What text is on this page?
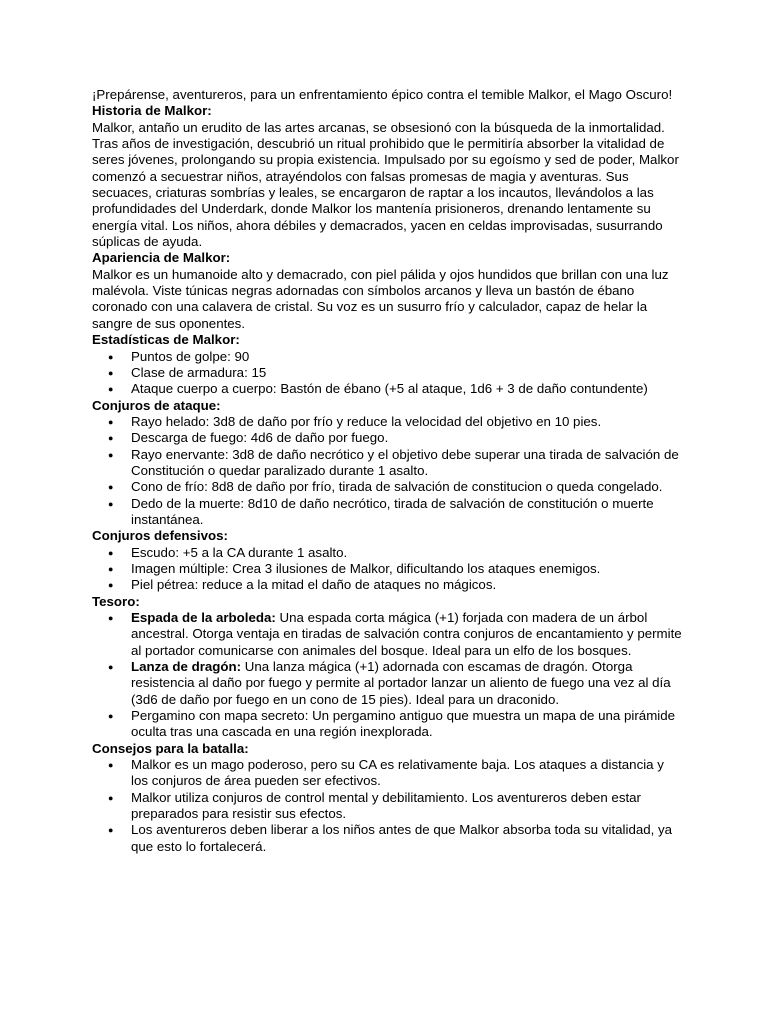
¡Prepárense, aventureros, para un enfrentamiento épico contra el temible Malkor, el Mago Oscuro!

Historia de Malkor:

Malkor, antaño un erudito de las artes arcanas, se obsesionó con la búsqueda de la inmortalidad. Tras años de investigación, descubrió un ritual prohibido que le permitiría absorber la vitalidad de seres jóvenes, prolongando su propia existencia. Impulsado por su egoísmo y sed de poder, Malkor comenzó a secuestrar niños, atrayéndolos con falsas promesas de magia y aventuras. Sus secuaces, criaturas sombrías y leales, se encargaron de raptar a los incautos, llevándolos a las profundidades del Underdark, donde Malkor los mantenía prisioneros, drenando lentamente su energía vital. Los niños, ahora débiles y demacrados, yacen en celdas improvisadas, susurrando súplicas de ayuda.

Apariencia de Malkor:

Malkor es un humanoide alto y demacrado, con piel pálida y ojos hundidos que brillan con una luz malévola. Viste túnicas negras adornadas con símbolos arcanos y lleva un bastón de ébano coronado con una calavera de cristal. Su voz es un susurro frío y calculador, capaz de helar la sangre de sus oponentes.

Estadísticas de Malkor:

● Puntos de golpe: 90
● Clase de armadura: 15
● Ataque cuerpo a cuerpo: Bastón de ébano (+5 al ataque, 1d6 + 3 de daño contundente)

Conjuros de ataque:

● Rayo helado: 3d8 de daño por frío y reduce la velocidad del objetivo en 10 pies.
● Descarga de fuego: 4d6 de daño por fuego.
● Rayo enervante: 3d8 de daño necrótico y el objetivo debe superar una tirada de salvación de Constitución o quedar paralizado durante 1 asalto.
● Cono de frío: 8d8 de daño por frío, tirada de salvación de constitucion o queda congelado.
● Dedo de la muerte: 8d10 de daño necrótico, tirada de salvación de constitución o muerte instantánea.

Conjuros defensivos:

● Escudo: +5 a la CA durante 1 asalto.
● Imagen múltiple: Crea 3 ilusiones de Malkor, dificultando los ataques enemigos.
● Piel pétrea: reduce a la mitad el daño de ataques no mágicos.

Tesoro:

● Espada de la arboleda: Una espada corta mágica (+1) forjada con madera de un árbol ancestral. Otorga ventaja en tiradas de salvación contra conjuros de encantamiento y permite al portador comunicarse con animales del bosque. Ideal para un elfo de los bosques.
● Lanza de dragón: Una lanza mágica (+1) adornada con escamas de dragón. Otorga resistencia al daño por fuego y permite al portador lanzar un aliento de fuego una vez al día (3d6 de daño por fuego en un cono de 15 pies). Ideal para un draconido.
● Pergamino con mapa secreto: Un pergamino antiguo que muestra un mapa de una pirámide oculta tras una cascada en una región inexplorada.

Consejos para la batalla:

● Malkor es un mago poderoso, pero su CA es relativamente baja. Los ataques a distancia y los conjuros de área pueden ser efectivos.
● Malkor utiliza conjuros de control mental y debilitamiento. Los aventureros deben estar preparados para resistir sus efectos.
● Los aventureros deben liberar a los niños antes de que Malkor absorba toda su vitalidad, ya que esto lo fortalecerá.
